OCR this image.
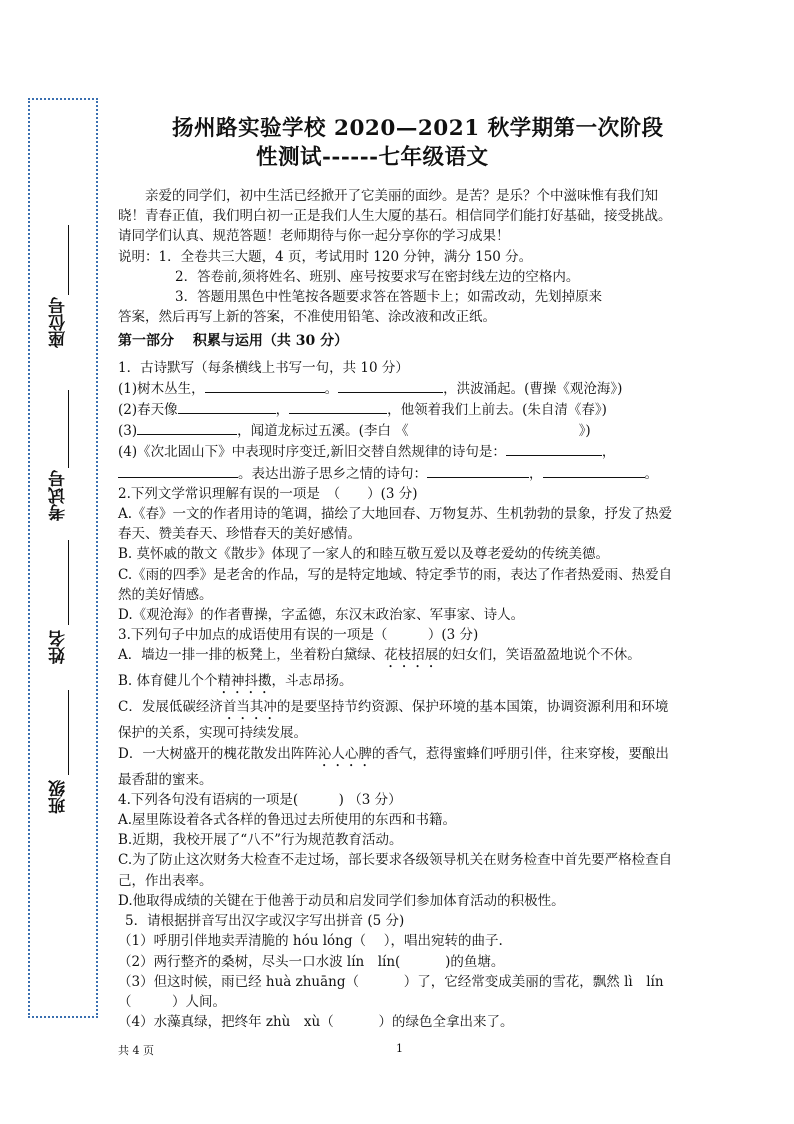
座位号
考试号
姓名
班级
扬州路实验学校 2020—2021 秋学期第一次阶段
性测试------七年级语文

亲爱的同学们，初中生活已经掀开了它美丽的面纱。是苦？是乐？个中滋味惟有我们知晓！青春正值，我们明白初一正是我们人生大厦的基石。相信同学们能打好基础，接受挑战。请同学们认真、规范答题！老师期待与你一起分享你的学习成果！

说明：1．全卷共三大题，4 页，考试用时 120 分钟，满分 150 分。

2．答卷前,须将姓名、班别、座号按要求写在密封线左边的空格内。

3．答题用黑色中性笔按各题要求答在答题卡上；如需改动，先划掉原来

答案，然后再写上新的答案，不准使用铅笔、涂改液和改正纸。

第一部分　 积累与运用（共 30 分）

1．古诗默写（每条横线上书写一句，共 10 分）

(1)树木丛生，	。	，洪波涌起。(曹操《观沧海》)

(2)春天像	，	，他领着我们上前去。(朱自清《春》)

(3)	，闻道龙标过五溪。(李白 《	》)

(4)《次北固山下》中表现时序变迁,新旧交替自然规律的诗句是：	，

。表达出游子思乡之情的诗句：	，	。

2.下列文学常识理解有误的一项是　（　　）(3 分)

A.《春》一文的作者用诗的笔调，描绘了大地回春、万物复苏、生机勃勃的景象，抒发了热爱春天、赞美春天、珍惜春天的美好感情。

B. 莫怀戚的散文《散步》体现了一家人的和睦互敬互爱以及尊老爱幼的传统美德。

C.《雨的四季》是老舍的作品，写的是特定地域、特定季节的雨，表达了作者热爱雨、热爱自然的美好情感。

D.《观沧海》的作者曹操，字孟德，东汉末政治家、军事家、诗人。

3.下列句子中加点的成语使用有误的一项是（　　　）(3 分)

A．墙边一排一排的板凳上，坐着粉白黛绿、花枝招展的妇女们，笑语盈盈地说个不休。

B. 体育健儿个个精神抖擞，斗志昂扬。

C．发展低碳经济首当其冲的是要坚持节约资源、保护环境的基本国策，协调资源利用和环境保护的关系，实现可持续发展。

D．一大树盛开的槐花散发出阵阵沁人心脾的香气，惹得蜜蜂们呼朋引伴，往来穿梭，要酿出最香甜的蜜来。

4.下列各句没有语病的一项是(　　　) （3 分）

A.屋里陈设着各式各样的鲁迅过去所使用的东西和书籍。

B.近期，我校开展了“八不”行为规范教育活动。

C.为了防止这次财务大检查不走过场，部长要求各级领导机关在财务检查中首先要严格检查自己，作出表率。

D.他取得成绩的关键在于他善于动员和启发同学们参加体育活动的积极性。

5．请根据拼音写出汉字或汉字写出拼音 (5 分)

（1）呼朋引伴地卖弄清脆的 hóu lóng（　 ），唱出宛转的曲子.

（2）两行整齐的桑树，尽头一口水波 lín　lín(　　　 )的鱼塘。

（3）但这时候，雨已经 huà zhuāng（　　　 ）了，它经常变成美丽的雪花，飘然 lì　lín（　　　）人间。

（4）水藻真绿，把终年 zhù　xù（　　　 ）的绿色全拿出来了。

共 4 页	1
